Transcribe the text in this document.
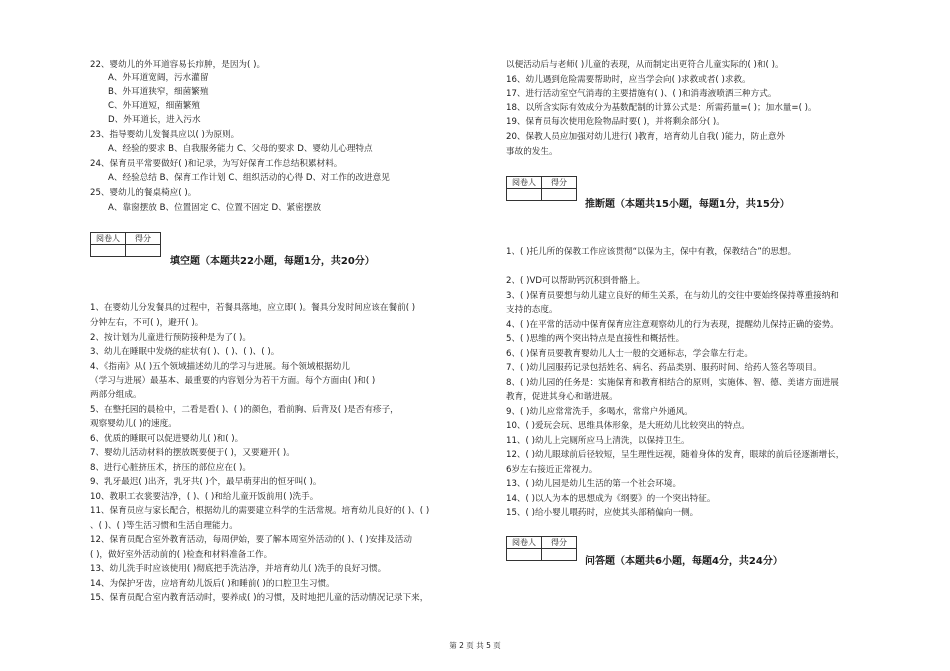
22、婴幼儿的外耳道容易长疖肿，是因为( )。
A、外耳道宽阔，污水灌留
B、外耳道狭窄，细菌繁殖
C、外耳道短，细菌繁殖
D、外耳道长，进入污水
23、指导婴幼儿发餐具应以( )为原则。
A、经验的要求 B、自我服务能力 C、父母的要求 D、婴幼儿心理特点
24、保育员平常要做好( )和记录，为写好保育工作总结积累材料。
A、经验总结 B、保育工作计划 C、组织活动的心得 D、对工作的改进意见
25、婴幼儿的餐桌椅应( )。
A、靠窗摆放 B、位置固定 C、位置不固定 D、紧密摆放
阅卷人	得分

填空题（本题共22小题，每题1分，共20分）
1、在婴幼儿分发餐具的过程中，若餐具落地，应立即( )。餐具分发时间应该在餐前( )
分钟左右，不可( )，避开( )。
2、按计划为儿童进行预防接种是为了( )。
3、幼儿在睡眠中发烧的症状有( )、( )、( )、( )。
4、《指南》从( )五个领域描述幼儿的学习与进展。每个领域根据幼儿
（学习与进展）最基本、最重要的内容划分为若干方面。每个方面由( )和( )
两部分组成。
5、在整托园的晨检中，二看是看( )、( )的颜色，看前胸、后背及( )是否有疹子，
观察婴幼儿( )的速度。
6、优质的睡眠可以促进婴幼儿( )和( )。
7、婴幼儿活动材料的摆放既要便于( )，又要避开( )。
8、进行心脏挤压术，挤压的部位应在( )。
9、乳牙最迟( )出齐，乳牙共( )个，最早萌芽出的恒牙叫( )。
10、教职工衣裳要洁净，( )、( )和给儿童开饭前用( )洗手。
11、保育员应与家长配合，根据幼儿的需要建立科学的生活常规。培育幼儿良好的( )、( )
、( )、( )等生活习惯和生活自理能力。
12、保育员配合室外教育活动，每周伊始，要了解本周室外活动的( )、( )安排及活动
( )，做好室外活动前的( )检查和材料准备工作。
13、幼儿洗手时应该使用( )彻底把手洗洁净，并培育幼儿( )洗手的良好习惯。
14、为保护牙齿，应培育幼儿饭后( )和睡前( )的口腔卫生习惯。
15、保育员配合室内教育活动时，要养成( )的习惯，及时地把儿童的活动情况记录下来，
以便活动后与老师( )儿童的表现，从而制定出更符合儿童实际的( )和( )。
16、幼儿遇到危险需要帮助时，应当学会向( )求救或者( )求救。
17、进行活动室空气消毒的主要措施有( )、( )和消毒液喷洒三种方式。
18、以所含实际有效成分为基数配制的计算公式是：所需药量=( )；加水量=( )。
19、保育员每次使用危险物品时要( )，并将剩余部分( )。
20、保教人员应加强对幼儿进行( )教育，培育幼儿自我( )能力，防止意外
事故的发生。
阅卷人	得分

推断题（本题共15小题，每题1分，共15分）
1、( )托儿所的保教工作应该贯彻“以保为主，保中有教，保教结合”的思想。
2、( )VD可以帮助钙沉积到骨骼上。
3、( )保育员要想与幼儿建立良好的师生关系，在与幼儿的交往中要始终保持尊重接纳和
支持的态度。
4、( )在平常的活动中保育保育应注意观察幼儿的行为表现，提醒幼儿保持正确的姿势。
5、( )思维的两个突出特点是直接性和概括性。
6、( )保育员要教育婴幼儿人士一般的交通标志，学会靠左行走。
7、( )幼儿园服药记录包括姓名、病名、药品类别、服药时间、给药人签名等项目。
8、( )幼儿园的任务是：实施保育和教育相结合的原则，实施体、智、德、美诸方面进展
教育，促进其身心和谐进展。
9、( )幼儿应常常洗手，多喝水，常常户外通风。
10、( )爱玩会玩、思维具体形象，是大班幼儿比较突出的特点。
11、( )幼儿上完厕所应马上清洗，以保持卫生。
12、( )幼儿眼球前后径较短，呈生理性远视，随着身体的发育，眼球的前后径逐渐增长，
6岁左右接近正常视力。
13、( )幼儿园是幼儿生活的第一个社会环境。
14、( )以人为本的思想成为《纲要》的一个突出特征。
15、( )给小婴儿喂药时，应使其头部稍偏向一侧。
阅卷人	得分

问答题（本题共6小题，每题4分，共24分）
第 2 页 共 5 页
